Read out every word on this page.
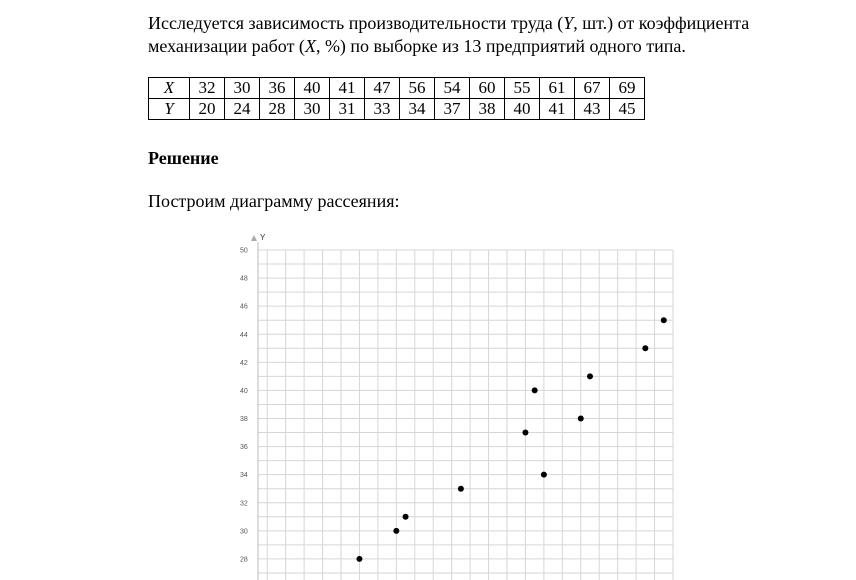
Исследуется зависимость производительности труда (Y, шт.) от коэффициента
механизации работ (X, %) по выборке из 13 предприятий одного типа.
X	32	30	36	40	41	47	56	54	60	55	61	67	69
Y	20	24	28	30	31	33	34	37	38	40	41	43	45
Решение
Построим диаграмму рассеяния:
28
30
32
34
36
38
40
42
44
46
48
50
Y
